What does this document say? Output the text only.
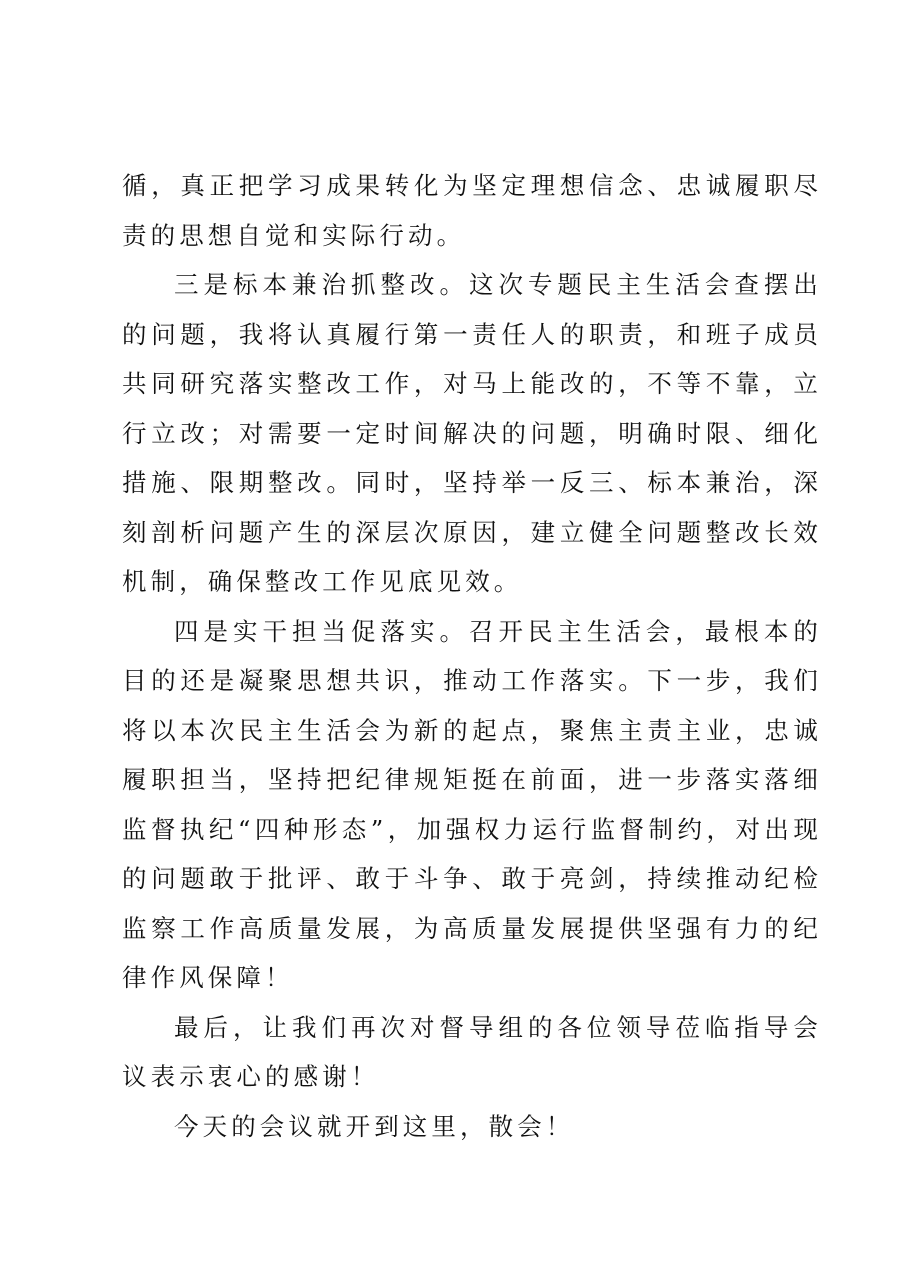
循，真正把学习成果转化为坚定理想信念、忠诚履职尽责的思想自觉和实际行动。

三是标本兼治抓整改。这次专题民主生活会查摆出的问题，我将认真履行第一责任人的职责，和班子成员共同研究落实整改工作，对马上能改的，不等不靠，立行立改；对需要一定时间解决的问题，明确时限、细化措施、限期整改。同时，坚持举一反三、标本兼治，深刻剖析问题产生的深层次原因，建立健全问题整改长效机制，确保整改工作见底见效。

四是实干担当促落实。召开民主生活会，最根本的目的还是凝聚思想共识，推动工作落实。下一步，我们将以本次民主生活会为新的起点，聚焦主责主业，忠诚履职担当，坚持把纪律规矩挺在前面，进一步落实落细监督执纪“四种形态”，加强权力运行监督制约，对出现的问题敢于批评、敢于斗争、敢于亮剑，持续推动纪检监察工作高质量发展，为高质量发展提供坚强有力的纪律作风保障！

最后，让我们再次对督导组的各位领导莅临指导会议表示衷心的感谢！

今天的会议就开到这里，散会！
